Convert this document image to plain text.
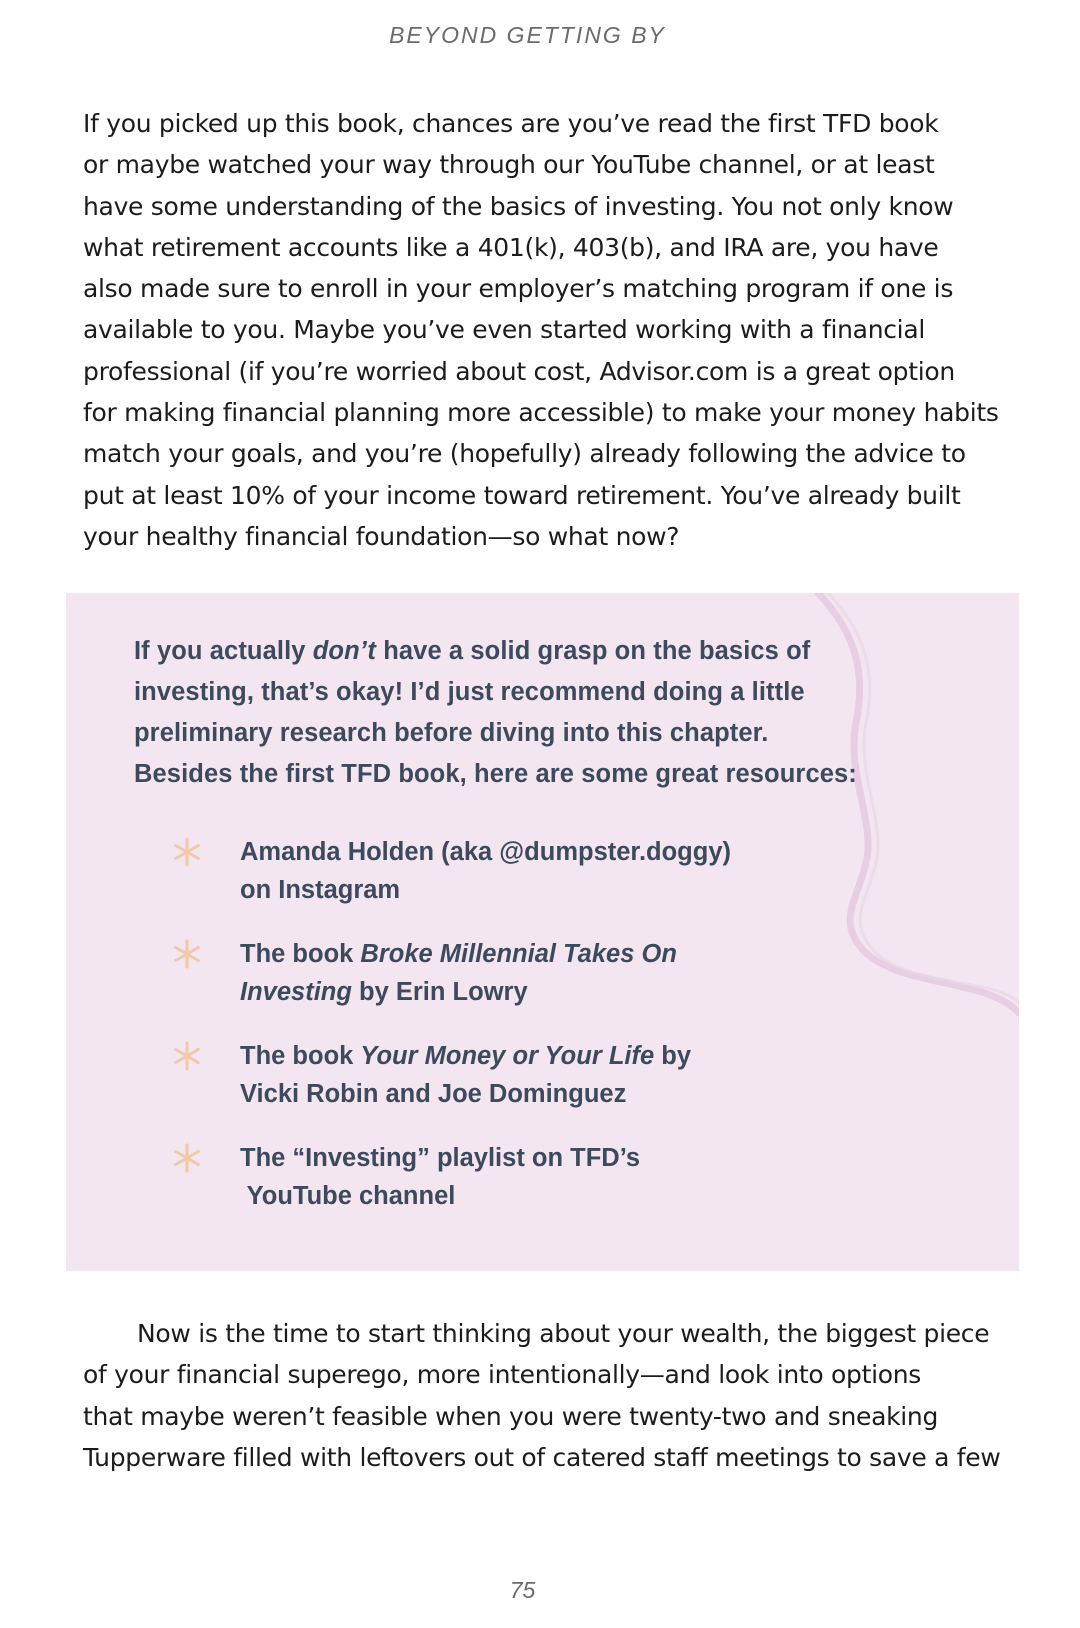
BEYOND GETTING BY
If you picked up this book, chances are you’ve read the first TFD book
or maybe watched your way through our YouTube channel, or at least
have some understanding of the basics of investing. You not only know
what retirement accounts like a 401(k), 403(b), and IRA are, you have
also made sure to enroll in your employer’s matching program if one is
available to you. Maybe you’ve even started working with a financial
professional (if you’re worried about cost, Advisor.com is a great option
for making financial planning more accessible) to make your money habits
match your goals, and you’re (hopefully) already following the advice to
put at least 10% of your income toward retirement. You’ve already built
your healthy financial foundation—so what now?
If you actually don’t have a solid grasp on the basics of
investing, that’s okay! I’d just recommend doing a little
preliminary research before diving into this chapter.
Besides the first TFD book, here are some great resources:
Amanda Holden (aka @dumpster.doggy)
on Instagram
The book Broke Millennial Takes On
Investing by Erin Lowry
The book Your Money or Your Life by
Vicki Robin and Joe Dominguez
The “Investing” playlist on TFD’s
YouTube channel
Now is the time to start thinking about your wealth, the biggest piece
of your financial superego, more intentionally—and look into options
that maybe weren’t feasible when you were twenty-two and sneaking
Tupperware filled with leftovers out of catered staff meetings to save a few
75
